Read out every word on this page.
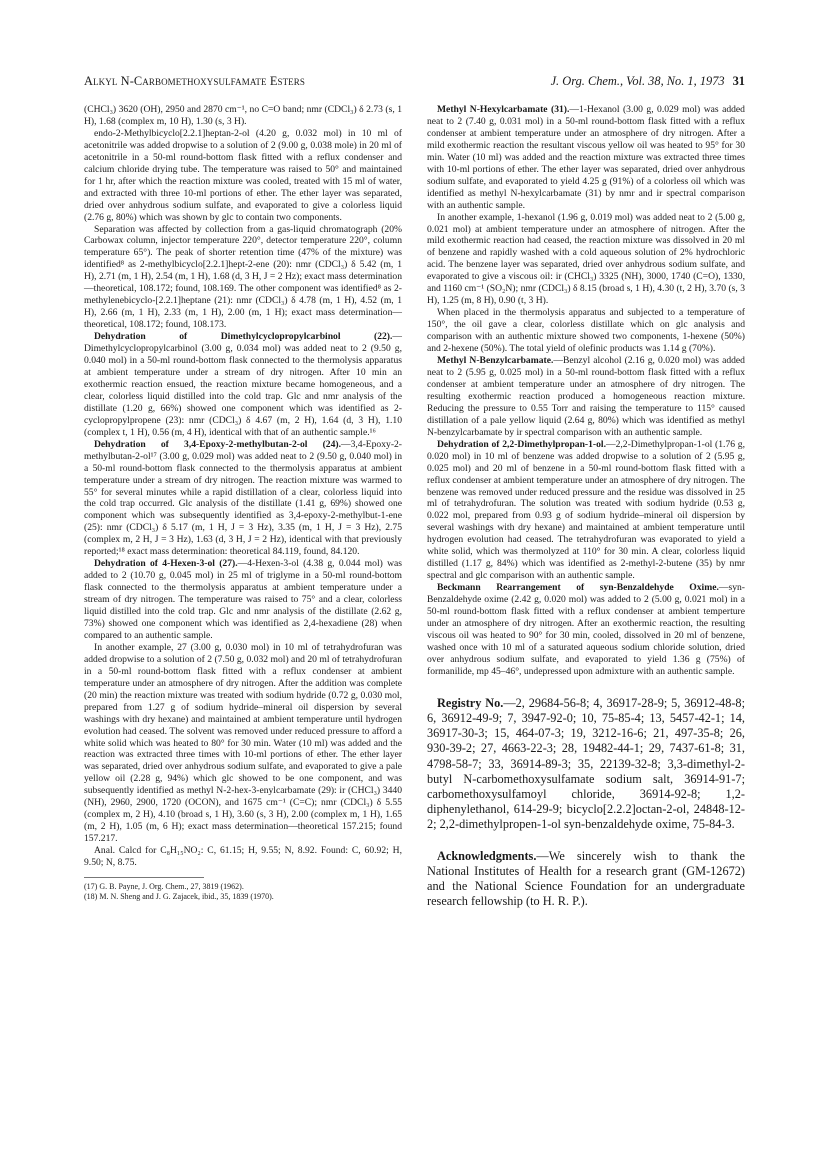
Alkyl N-Carbomethoxysulfamate Esters	J. Org. Chem., Vol. 38, No. 1, 1973 31

(CHCl₃) 3620 (OH), 2950 and 2870 cm⁻¹, no C=O band; nmr (CDCl₃) δ 2.73 (s, 1 H), 1.68 (complex m, 10 H), 1.30 (s, 3 H).

endo-2-Methylbicyclo[2.2.1]heptan-2-ol (4.20 g, 0.032 mol) in 10 ml of acetonitrile was added dropwise to a solution of 2 (9.00 g, 0.038 mole) in 20 ml of acetonitrile in a 50-ml round-bottom flask fitted with a reflux condenser and calcium chloride drying tube. The temperature was raised to 50° and maintained for 1 hr, after which the reaction mixture was cooled, treated with 15 ml of water, and extracted with three 10-ml portions of ether. The ether layer was separated, dried over anhydrous sodium sulfate, and evaporated to give a colorless liquid (2.76 g, 80%) which was shown by glc to contain two components.

Separation was affected by collection from a gas-liquid chromatograph (20% Carbowax column, injector temperature 220°, detector temperature 220°, column temperature 65°). The peak of shorter retention time (47% of the mixture) was identified⁸ as 2-methylbicyclo[2.2.1]hept-2-ene (20): nmr (CDCl₃) δ 5.42 (m, 1 H), 2.71 (m, 1 H), 2.54 (m, 1 H), 1.68 (d, 3 H, J = 2 Hz); exact mass determination—theoretical, 108.172; found, 108.169. The other component was identified⁸ as 2-methylenebicyclo-[2.2.1]heptane (21): nmr (CDCl₃) δ 4.78 (m, 1 H), 4.52 (m, 1 H), 2.66 (m, 1 H), 2.33 (m, 1 H), 2.00 (m, 1 H); exact mass determination—theoretical, 108.172; found, 108.173.

Dehydration of Dimethylcyclopropylcarbinol (22).—Dimethylcyclopropylcarbinol (3.00 g, 0.034 mol) was added neat to 2 (9.50 g, 0.040 mol) in a 50-ml round-bottom flask connected to the thermolysis apparatus at ambient temperature under a stream of dry nitrogen. After 10 min an exothermic reaction ensued, the reaction mixture became homogeneous, and a clear, colorless liquid distilled into the cold trap. Glc and nmr analysis of the distillate (1.20 g, 66%) showed one component which was identified as 2-cyclopropylpropene (23): nmr (CDCl₃) δ 4.67 (m, 2 H), 1.64 (d, 3 H), 1.10 (complex t, 1 H), 0.56 (m, 4 H), identical with that of an authentic sample.¹⁶

Dehydration of 3,4-Epoxy-2-methylbutan-2-ol (24).—3,4-Epoxy-2-methylbutan-2-ol¹⁷ (3.00 g, 0.029 mol) was added neat to 2 (9.50 g, 0.040 mol) in a 50-ml round-bottom flask connected to the thermolysis apparatus at ambient temperature under a stream of dry nitrogen. The reaction mixture was warmed to 55° for several minutes while a rapid distillation of a clear, colorless liquid into the cold trap occurred. Glc analysis of the distillate (1.41 g, 69%) showed one component which was subsequently identified as 3,4-epoxy-2-methylbut-1-ene (25): nmr (CDCl₃) δ 5.17 (m, 1 H, J = 3 Hz), 3.35 (m, 1 H, J = 3 Hz), 2.75 (complex m, 2 H, J = 3 Hz), 1.63 (d, 3 H, J = 2 Hz), identical with that previously reported;¹⁸ exact mass determination: theoretical 84.119, found, 84.120.

Dehydration of 4-Hexen-3-ol (27).—4-Hexen-3-ol (4.38 g, 0.044 mol) was added to 2 (10.70 g, 0.045 mol) in 25 ml of triglyme in a 50-ml round-bottom flask connected to the thermolysis apparatus at ambient temperature under a stream of dry nitrogen. The temperature was raised to 75° and a clear, colorless liquid distilled into the cold trap. Glc and nmr analysis of the distillate (2.62 g, 73%) showed one component which was identified as 2,4-hexadiene (28) when compared to an authentic sample.

In another example, 27 (3.00 g, 0.030 mol) in 10 ml of tetrahydrofuran was added dropwise to a solution of 2 (7.50 g, 0.032 mol) and 20 ml of tetrahydrofuran in a 50-ml round-bottom flask fitted with a reflux condenser at ambient temperature under an atmosphere of dry nitrogen. After the addition was complete (20 min) the reaction mixture was treated with sodium hydride (0.72 g, 0.030 mol, prepared from 1.27 g of sodium hydride–mineral oil dispersion by several washings with dry hexane) and maintained at ambient temperature until hydrogen evolution had ceased. The solvent was removed under reduced pressure to afford a white solid which was heated to 80° for 30 min. Water (10 ml) was added and the reaction was extracted three times with 10-ml portions of ether. The ether layer was separated, dried over anhydrous sodium sulfate, and evaporated to give a pale yellow oil (2.28 g, 94%) which glc showed to be one component, and was subsequently identified as methyl N-2-hex-3-enylcarbamate (29): ir (CHCl₃) 3440 (NH), 2960, 2900, 1720 (OCON), and 1675 cm⁻¹ (C=C); nmr (CDCl₃) δ 5.55 (complex m, 2 H), 4.10 (broad s, 1 H), 3.60 (s, 3 H), 2.00 (complex m, 1 H), 1.65 (m, 2 H), 1.05 (m, 6 H); exact mass determination—theoretical 157.215; found 157.217.

Anal. Calcd for C₈H₁₅NO₂: C, 61.15; H, 9.55; N, 8.92. Found: C, 60.92; H, 9.50; N, 8.75.

(17) G. B. Payne, J. Org. Chem., 27, 3819 (1962).
(18) M. N. Sheng and J. G. Zajacek, ibid., 35, 1839 (1970).

Methyl N-Hexylcarbamate (31).—1-Hexanol (3.00 g, 0.029 mol) was added neat to 2 (7.40 g, 0.031 mol) in a 50-ml round-bottom flask fitted with a reflux condenser at ambient temperature under an atmosphere of dry nitrogen. After a mild exothermic reaction the resultant viscous yellow oil was heated to 95° for 30 min. Water (10 ml) was added and the reaction mixture was extracted three times with 10-ml portions of ether. The ether layer was separated, dried over anhydrous sodium sulfate, and evaporated to yield 4.25 g (91%) of a colorless oil which was identified as methyl N-hexylcarbamate (31) by nmr and ir spectral comparison with an authentic sample.

In another example, 1-hexanol (1.96 g, 0.019 mol) was added neat to 2 (5.00 g, 0.021 mol) at ambient temperature under an atmosphere of nitrogen. After the mild exothermic reaction had ceased, the reaction mixture was dissolved in 20 ml of benzene and rapidly washed with a cold aqueous solution of 2% hydrochloric acid. The benzene layer was separated, dried over anhydrous sodium sulfate, and evaporated to give a viscous oil: ir (CHCl₃) 3325 (NH), 3000, 1740 (C=O), 1330, and 1160 cm⁻¹ (SO₂N); nmr (CDCl₃) δ 8.15 (broad s, 1 H), 4.30 (t, 2 H), 3.70 (s, 3 H), 1.25 (m, 8 H), 0.90 (t, 3 H).

When placed in the thermolysis apparatus and subjected to a temperature of 150°, the oil gave a clear, colorless distillate which on glc analysis and comparison with an authentic mixture showed two components, 1-hexene (50%) and 2-hexene (50%). The total yield of olefinic products was 1.14 g (70%).

Methyl N-Benzylcarbamate.—Benzyl alcohol (2.16 g, 0.020 mol) was added neat to 2 (5.95 g, 0.025 mol) in a 50-ml round-bottom flask fitted with a reflux condenser at ambient temperature under an atmosphere of dry nitrogen. The resulting exothermic reaction produced a homogeneous reaction mixture. Reducing the pressure to 0.55 Torr and raising the temperature to 115° caused distillation of a pale yellow liquid (2.64 g, 80%) which was identified as methyl N-benzylcarbamate by ir spectral comparison with an authentic sample.

Dehydration of 2,2-Dimethylpropan-1-ol.—2,2-Dimethylpropan-1-ol (1.76 g, 0.020 mol) in 10 ml of benzene was added dropwise to a solution of 2 (5.95 g, 0.025 mol) and 20 ml of benzene in a 50-ml round-bottom flask fitted with a reflux condenser at ambient temperature under an atmosphere of dry nitrogen. The benzene was removed under reduced pressure and the residue was dissolved in 25 ml of tetrahydrofuran. The solution was treated with sodium hydride (0.53 g, 0.022 mol, prepared from 0.93 g of sodium hydride–mineral oil dispersion by several washings with dry hexane) and maintained at ambient temperature until hydrogen evolution had ceased. The tetrahydrofuran was evaporated to yield a white solid, which was thermolyzed at 110° for 30 min. A clear, colorless liquid distilled (1.17 g, 84%) which was identified as 2-methyl-2-butene (35) by nmr spectral and glc comparison with an authentic sample.

Beckmann Rearrangement of syn-Benzaldehyde Oxime.—syn-Benzaldehyde oxime (2.42 g, 0.020 mol) was added to 2 (5.00 g, 0.021 mol) in a 50-ml round-bottom flask fitted with a reflux condenser at ambient temperture under an atmosphere of dry nitrogen. After an exothermic reaction, the resulting viscous oil was heated to 90° for 30 min, cooled, dissolved in 20 ml of benzene, washed once with 10 ml of a saturated aqueous sodium chloride solution, dried over anhydrous sodium sulfate, and evaporated to yield 1.36 g (75%) of formanilide, mp 45–46°, undepressed upon admixture with an authentic sample.

Registry No.—2, 29684-56-8; 4, 36917-28-9; 5, 36912-48-8; 6, 36912-49-9; 7, 3947-92-0; 10, 75-85-4; 13, 5457-42-1; 14, 36917-30-3; 15, 464-07-3; 19, 3212-16-6; 21, 497-35-8; 26, 930-39-2; 27, 4663-22-3; 28, 19482-44-1; 29, 7437-61-8; 31, 4798-58-7; 33, 36914-89-3; 35, 22139-32-8; 3,3-dimethyl-2-butyl N-carbomethoxysulfamate sodium salt, 36914-91-7; carbomethoxysulfamoyl chloride, 36914-92-8; 1,2-diphenylethanol, 614-29-9; bicyclo[2.2.2]octan-2-ol, 24848-12-2; 2,2-dimethylpropen-1-ol syn-benzaldehyde oxime, 75-84-3.

Acknowledgments.—We sincerely wish to thank the National Institutes of Health for a research grant (GM-12672) and the National Science Foundation for an undergraduate research fellowship (to H. R. P.).
